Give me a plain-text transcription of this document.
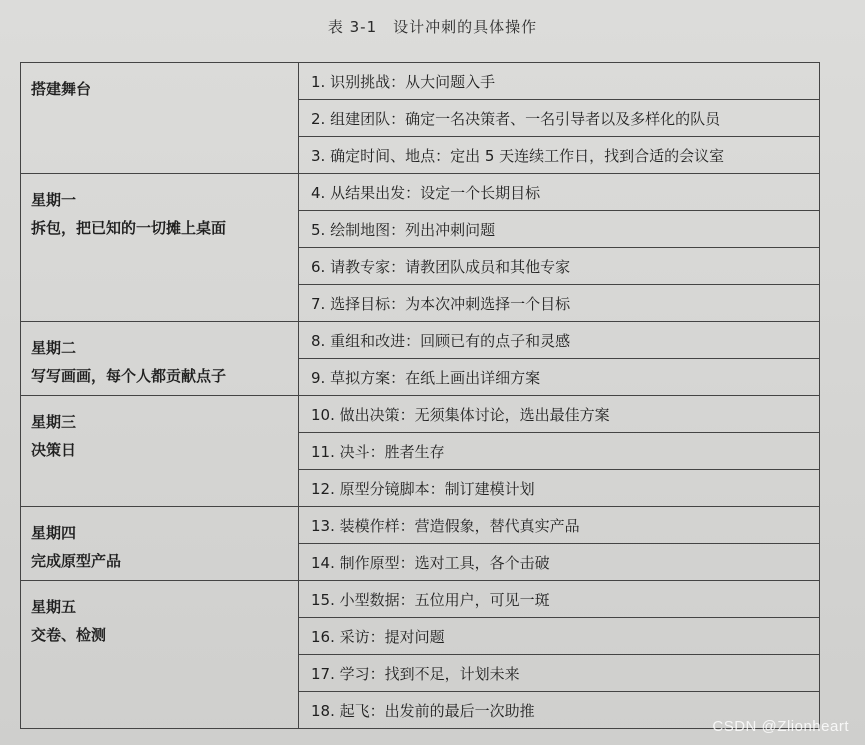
表 3-1　设计冲刺的具体操作
搭建舞台	1. 识别挑战：从大问题入手
	2. 组建团队：确定一名决策者、一名引导者以及多样化的队员
	3. 确定时间、地点：定出 5 天连续工作日，找到合适的会议室

星期一
拆包，把已知的一切摊上桌面	4. 从结果出发：设定一个长期目标
	5. 绘制地图：列出冲刺问题
	6. 请教专家：请教团队成员和其他专家
	7. 选择目标：为本次冲刺选择一个目标

星期二
写写画画，每个人都贡献点子	8. 重组和改进：回顾已有的点子和灵感
	9. 草拟方案：在纸上画出详细方案

星期三
决策日	10. 做出决策：无须集体讨论，选出最佳方案
	11. 决斗：胜者生存
	12. 原型分镜脚本：制订建模计划

星期四
完成原型产品	13. 装模作样：营造假象，替代真实产品
	14. 制作原型：选对工具，各个击破

星期五
交卷、检测	15. 小型数据：五位用户，可见一斑
	16. 采访：提对问题
	17. 学习：找到不足，计划未来
	18. 起飞：出发前的最后一次助推
CSDN @Zlionheart
